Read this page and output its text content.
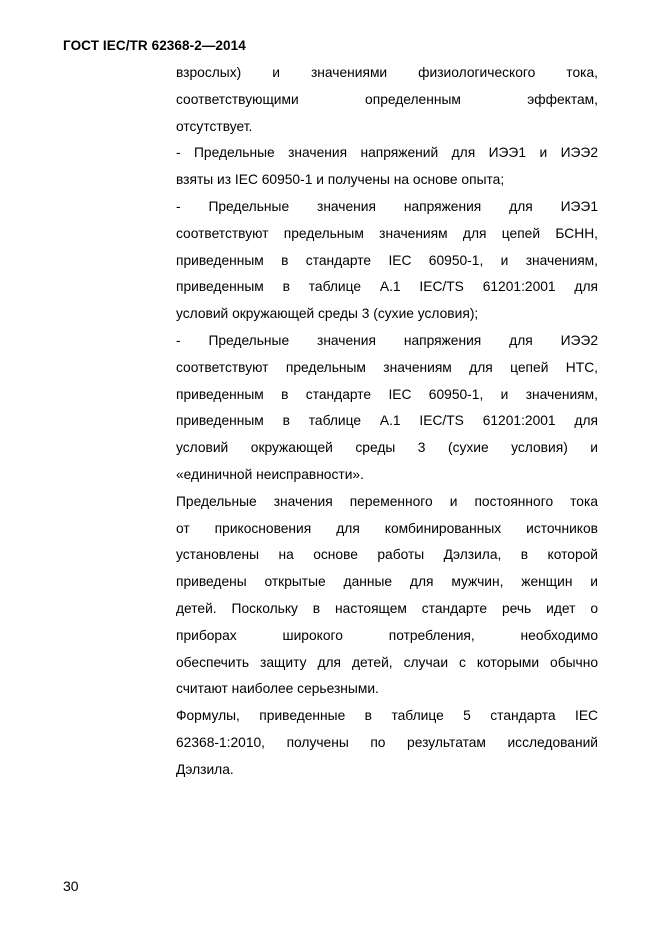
ГОСТ IEC/TR 62368-2—2014

взрослых) и значениями физиологического тока,
соответствующими определенным эффектам,
отсутствует.

- Предельные значения напряжений для ИЭЭ1 и ИЭЭ2
взяты из IEC 60950-1 и получены на основе опыта;

- Предельные значения напряжения для ИЭЭ1
соответствуют предельным значениям для цепей БСНН,
приведенным в стандарте IEC 60950-1, и значениям,
приведенным в таблице А.1 IEC/TS 61201:2001 для
условий окружающей среды 3 (сухие условия);

- Предельные значения напряжения для ИЭЭ2
соответствуют предельным значениям для цепей НТС,
приведенным в стандарте IEC 60950-1, и значениям,
приведенным в таблице А.1 IEC/TS 61201:2001 для
условий окружающей среды 3 (сухие условия) и
«единичной неисправности».

Предельные значения переменного и постоянного тока
от прикосновения для комбинированных источников
установлены на основе работы Дэлзила, в которой
приведены открытые данные для мужчин, женщин и
детей. Поскольку в настоящем стандарте речь идет о
приборах широкого потребления, необходимо
обеспечить защиту для детей, случаи с которыми обычно
считают наиболее серьезными.

Формулы, приведенные в таблице 5 стандарта IEC
62368-1:2010, получены по результатам исследований
Дэлзила.

30
